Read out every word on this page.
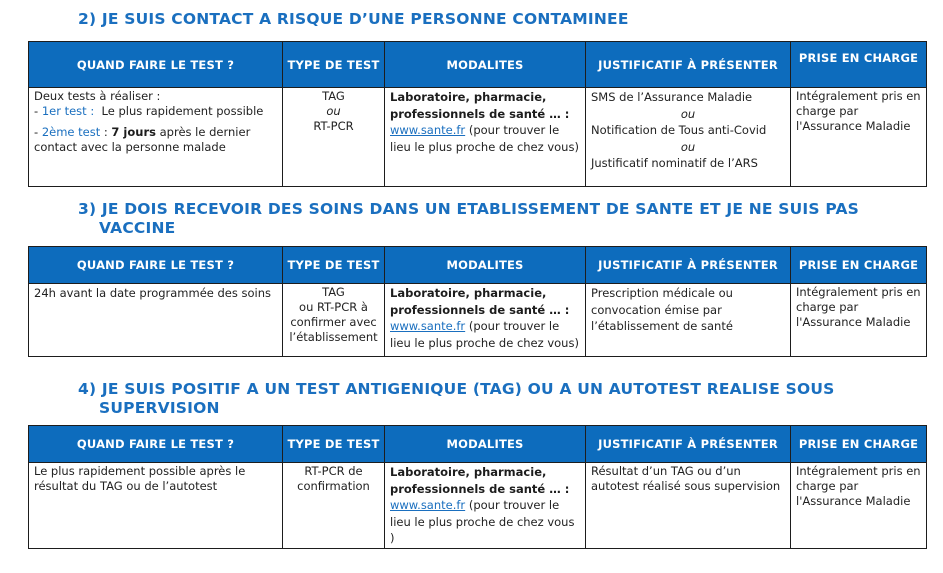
2) JE SUIS CONTACT A RISQUE D’UNE PERSONNE CONTAMINEE
QUAND FAIRE LE TEST ?	TYPE DE TEST	MODALITES	JUSTIFICATIF À PRÉSENTER	PRISE EN CHARGE

Deux tests à réaliser :
- 1er test : Le plus rapidement possible
- 2ème test : 7 jours après le dernier contact avec la personne malade	TAG
ou
RT-PCR	Laboratoire, pharmacie, professionnels de santé … :
www.sante.fr (pour trouver le lieu le plus proche de chez vous)	SMS de l’Assurance Maladie
ou
Notification de Tous anti-Covid
ou
Justificatif nominatif de l’ARS	Intégralement pris en charge par l'Assurance Maladie
3) JE DOIS RECEVOIR DES SOINS DANS UN ETABLISSEMENT DE SANTE ET JE NE SUIS PAS
VACCINE
QUAND FAIRE LE TEST ?	TYPE DE TEST	MODALITES	JUSTIFICATIF À PRÉSENTER	PRISE EN CHARGE
24h avant la date programmée des soins	TAG
ou RT-PCR à confirmer avec l’établissement	Laboratoire, pharmacie, professionnels de santé … :
www.sante.fr (pour trouver le lieu le plus proche de chez vous)	Prescription médicale ou convocation émise par l’établissement de santé	Intégralement pris en charge par l'Assurance Maladie
4) JE SUIS POSITIF A UN TEST ANTIGENIQUE (TAG) OU A UN AUTOTEST REALISE SOUS
SUPERVISION
QUAND FAIRE LE TEST ?	TYPE DE TEST	MODALITES	JUSTIFICATIF À PRÉSENTER	PRISE EN CHARGE
Le plus rapidement possible après le résultat du TAG ou de l’autotest	RT-PCR de confirmation	Laboratoire, pharmacie, professionnels de santé … :
www.sante.fr (pour trouver le lieu le plus proche de chez vous )	Résultat d’un TAG ou d’un autotest réalisé sous supervision	Intégralement pris en charge par l'Assurance Maladie
